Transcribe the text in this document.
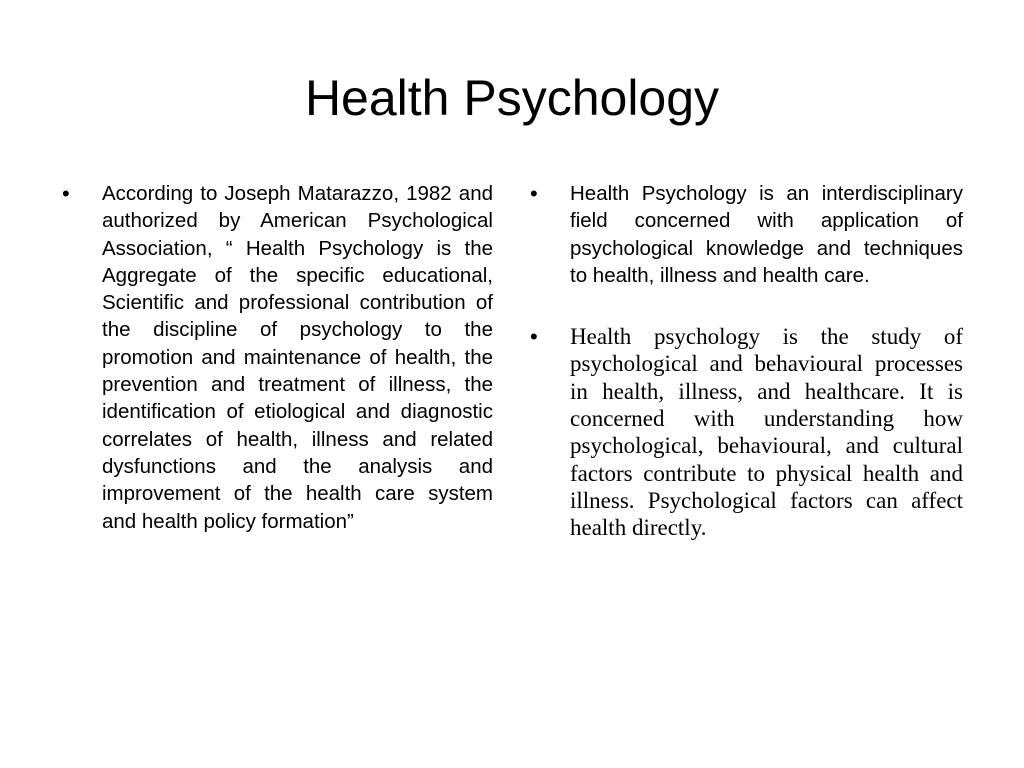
Health Psychology
•	According to Joseph Matarazzo, 1982 and authorized by American Psychological Association, “ Health Psychology is the Aggregate of the specific educational, Scientific and professional contribution of the discipline of psychology to the promotion and maintenance of health, the prevention and treatment of illness, the identification of etiological and diagnostic correlates of health, illness and related dysfunctions and the analysis and improvement of the health care system and health policy formation”

•	Health Psychology is an interdisciplinary field concerned with application of psychological knowledge and techniques to health, illness and health care.

•	Health psychology is the study of psychological and behavioural processes in health, illness, and healthcare. It is concerned with understanding how psychological, behavioural, and cultural factors contribute to physical health and illness. Psychological factors can affect health directly.
